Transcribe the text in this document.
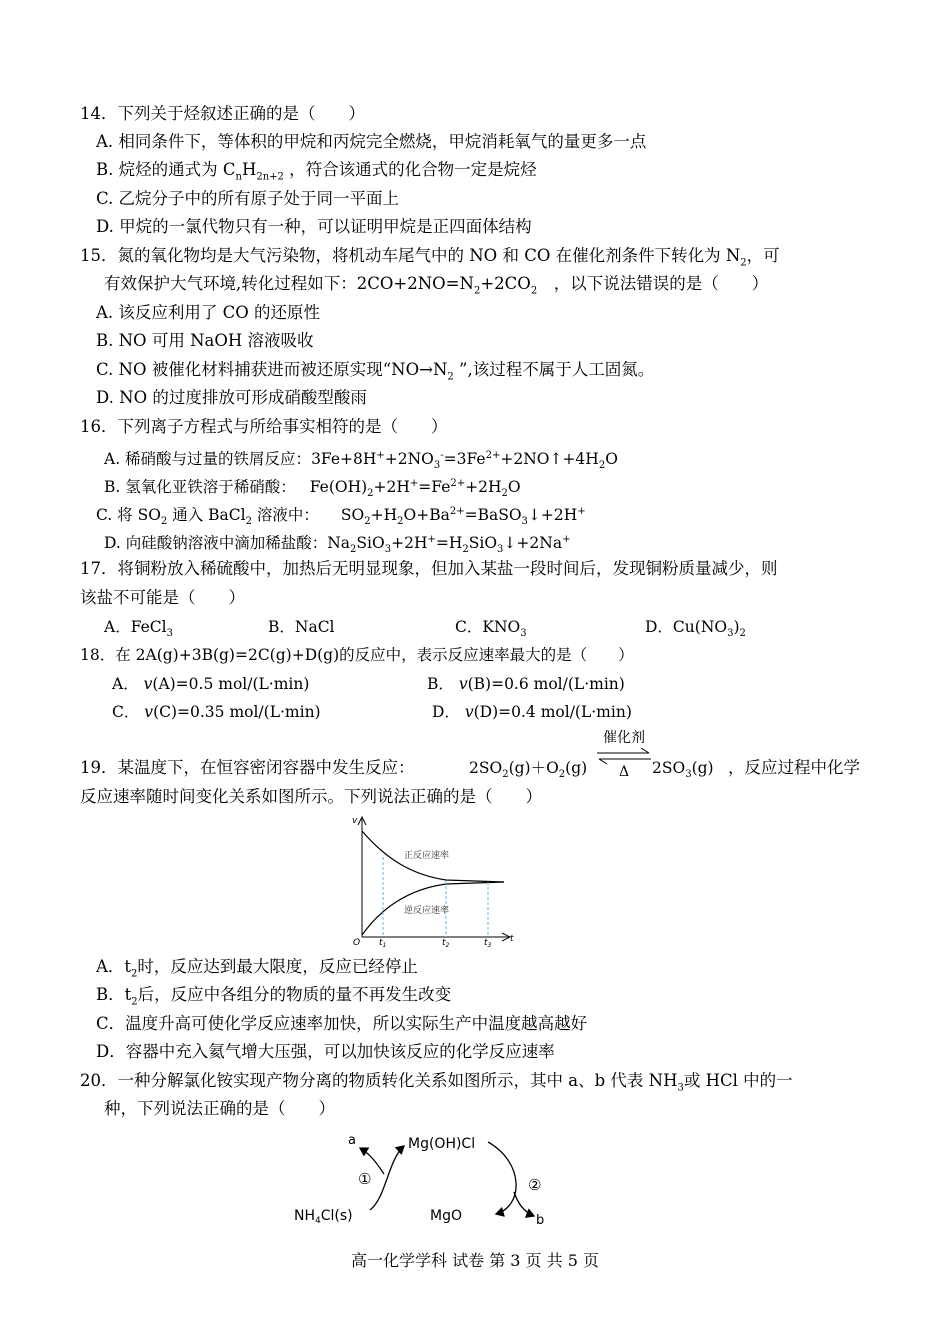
14．下列关于烃叙述正确的是（　　）
A. 相同条件下，等体积的甲烷和丙烷完全燃烧，甲烷消耗氧气的量更多一点
B. 烷烃的通式为 $C_nH_{2n+2}$ ，符合该通式的化合物一定是烷烃
C. 乙烷分子中的所有原子处于同一平面上
D. 甲烷的一氯代物只有一种，可以证明甲烷是正四面体结构
15．氮的氧化物均是大气污染物，将机动车尾气中的 NO 和 CO 在催化剂条件下转化为 $N_2$，可
有效保护大气环境,转化过程如下：$2CO+2NO=N_2+2CO_2$　，以下说法错误的是（　　）
A. 该反应利用了 CO 的还原性
B. NO 可用 NaOH 溶液吸收
C. NO 被催化材料捕获进而被还原实现“$NO\to N_2$ ”,该过程不属于人工固氮。
D. NO 的过度排放可形成硝酸型酸雨
16．下列离子方程式与所给事实相符的是（　　）
A. 稀硝酸与过量的铁屑反应：$3Fe+8H^++2NO_3^-=3Fe^{2+}+2NO↑+4H_2O$
B. 氢氧化亚铁溶于稀硝酸： $Fe(OH)_2+2H^+=Fe^{2+}+2H_2O$
C. 将 $SO_2$ 通入 BaCl$_2$ 溶液中： $SO_2+H_2O+Ba^{2+}=BaSO_3↓+2H^+$
D. 向硅酸钠溶液中滴加稀盐酸：$Na_2SiO_3+2H^+=H_2SiO_3↓+2Na^+$
17．将铜粉放入稀硫酸中，加热后无明显现象，但加入某盐一段时间后，发现铜粉质量减少，则
该盐不可能是（　　）
A．FeCl$_3$	B．NaCl	C．$KNO_3$	D．$Cu(NO_3)_2$
18．在 2A(g)+3B(g)=2C(g)+D(g)的反应中，表示反应速率最大的是（　　）
A． v(A)=0.5 mol/(L·min)	B． v(B)=0.6 mol/(L·min)
C． v(C)=0.35 mol/(L·min)	D． v(D)=0.4 mol/(L·min)
19．某温度下，在恒容密闭容器中发生反应：	$2SO_2(g)+O_2(g)$
催化剂
Δ	$2SO_3(g)$ ，反应过程中化学
反应速率随时间变化关系如图所示。下列说法正确的是（　　）
v
t
O $t_1$	$t_2$	$t_3$
正反应速率
逆反应速率
A．$t_2$时，反应达到最大限度，反应已经停止
B．$t_2$后，反应中各组分的物质的量不再发生改变
C．温度升高可使化学反应速率加快，所以实际生产中温度越高越好
D．容器中充入氦气增大压强，可以加快该反应的化学反应速率
20．一种分解氯化铵实现产物分离的物质转化关系如图所示，其中 a、b 代表 $NH_3$或 HCl 中的一
种，下列说法正确的是（　　）
a	Mg(OH)Cl
①	②
$NH_4Cl(s)$	MgO	b
高一化学学科 试卷 第 3 页 共 5 页
